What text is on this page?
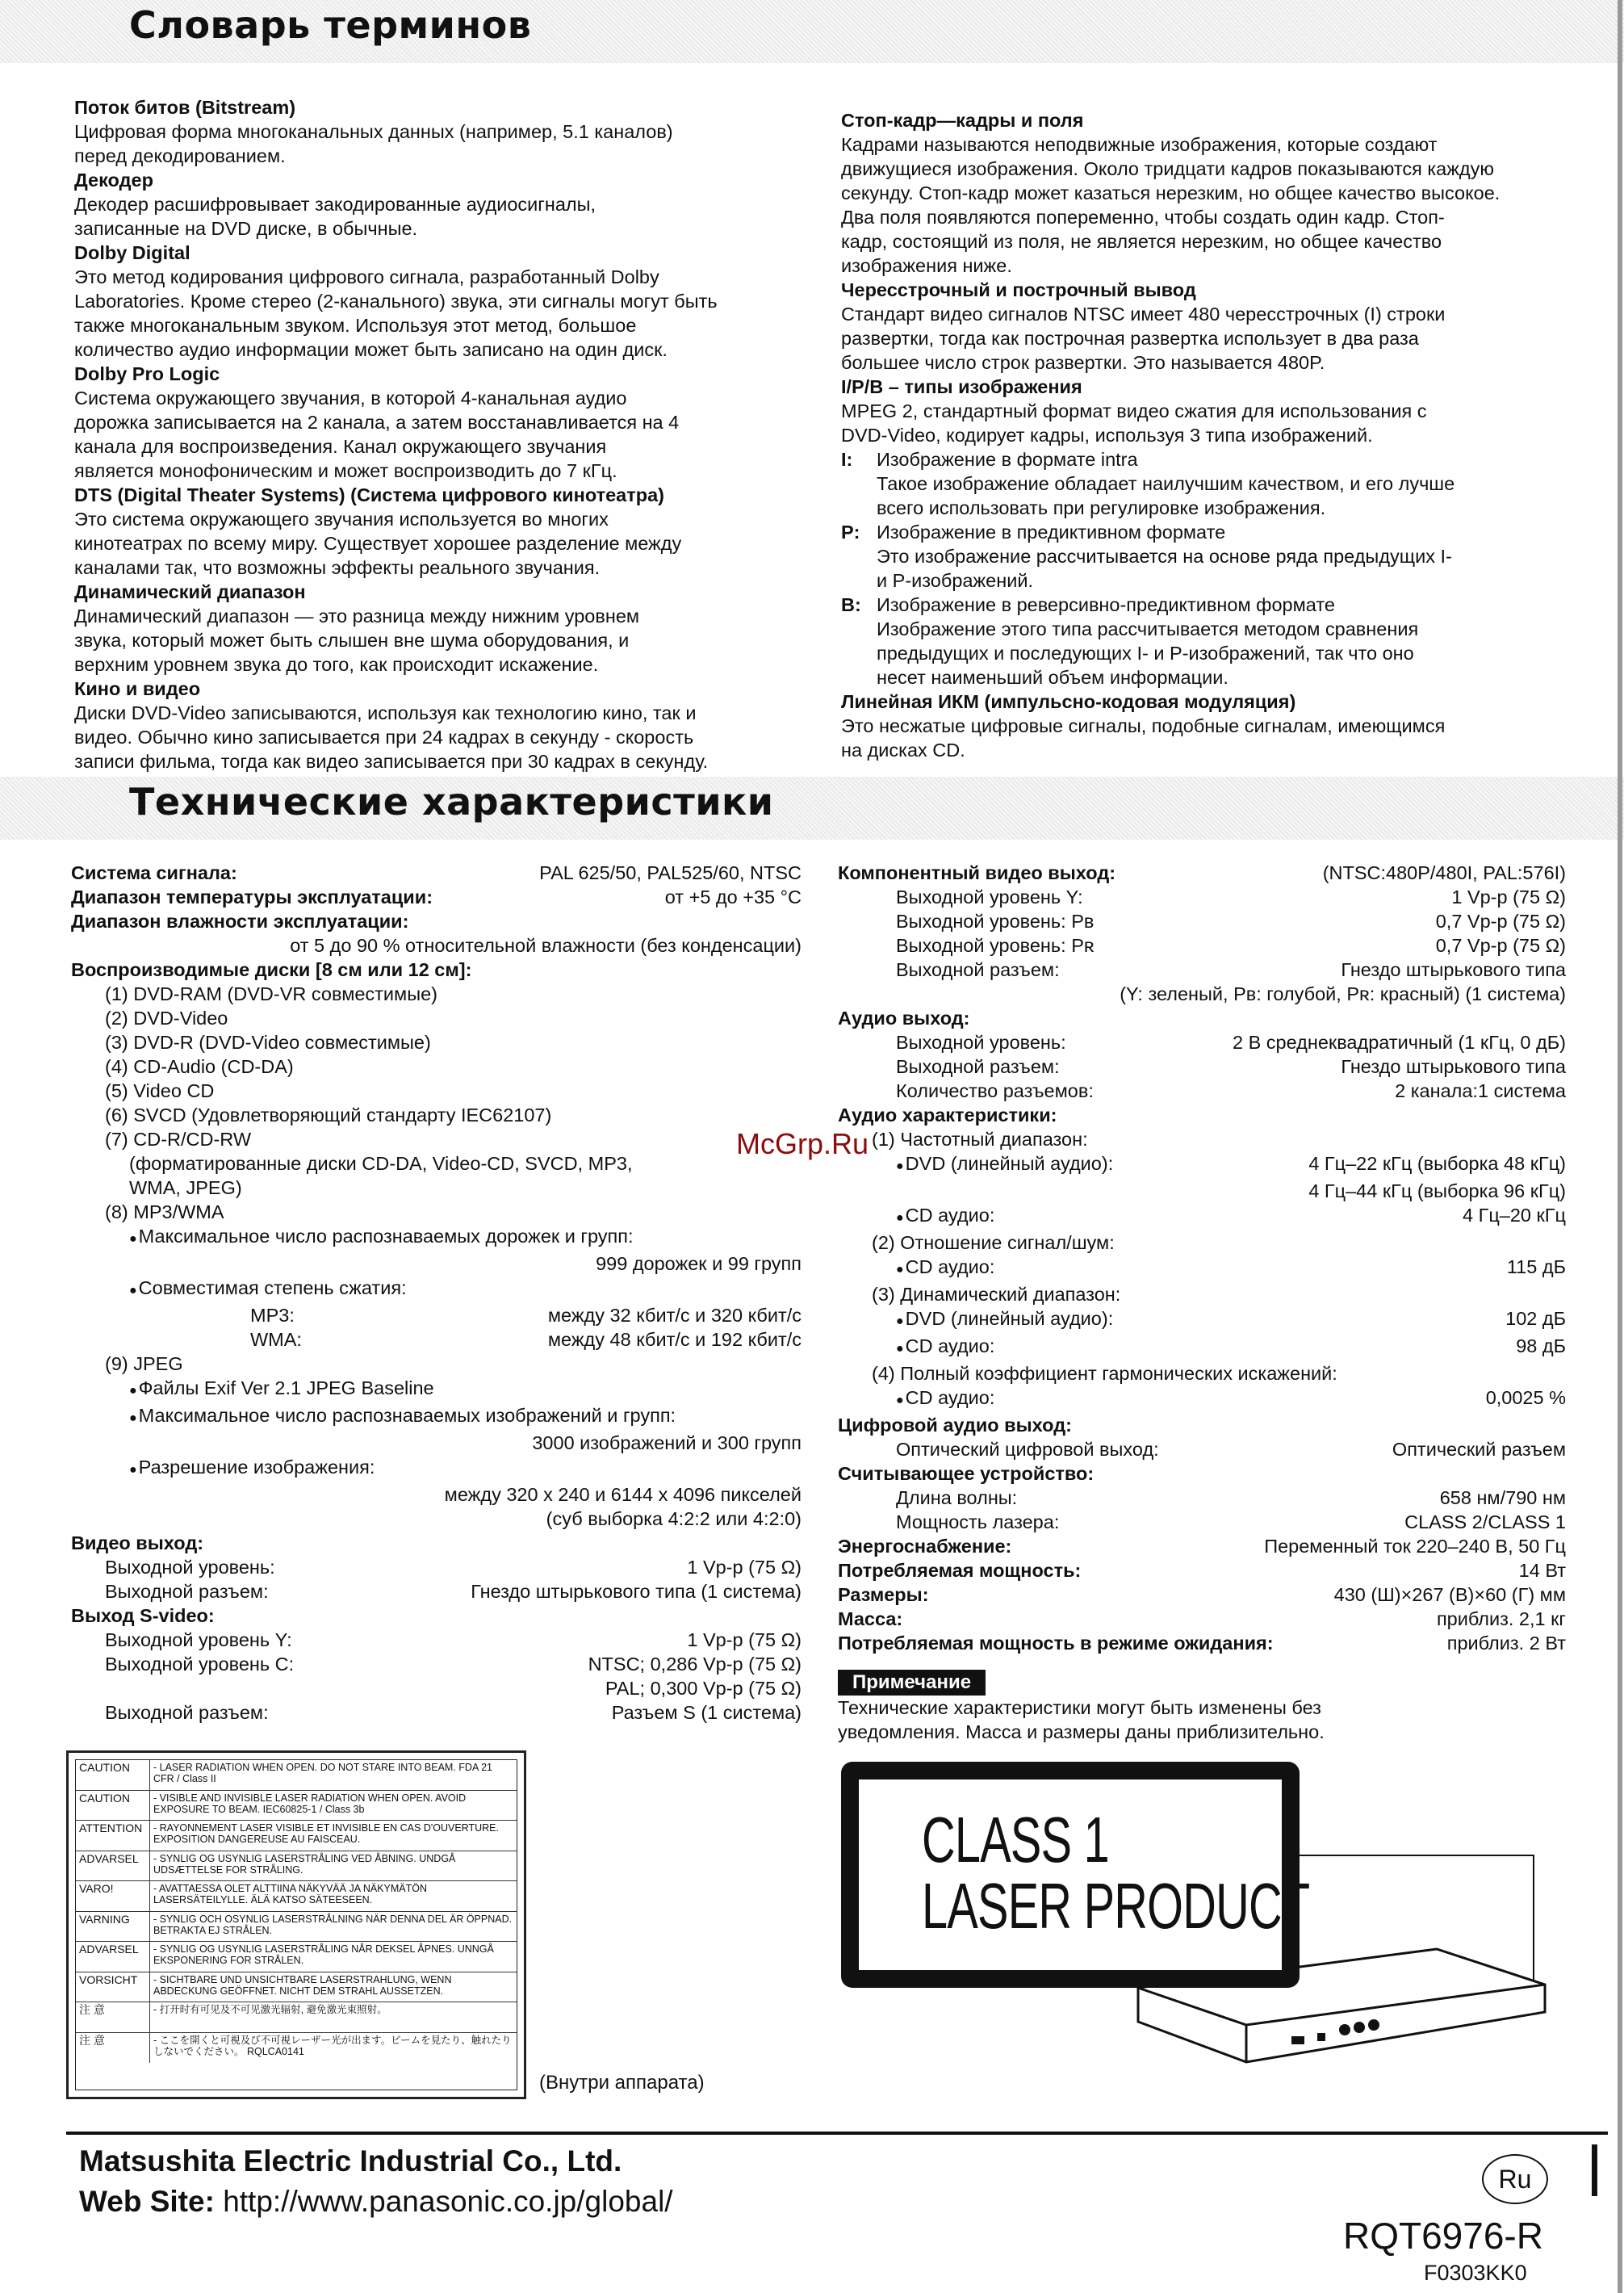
Словарь терминов

Поток битов (Bitstream)

Цифровая форма многоканальных данных (например, 5.1 каналов)

перед декодированием.

Декодер

Декодер расшифровывает закодированные аудиосигналы,

записанные на DVD диске, в обычные.

Dolby Digital

Это метод кодирования цифрового сигнала, разработанный Dolby

Laboratories. Кроме стерео (2-канального) звука, эти сигналы могут быть

также многоканальным звуком. Используя этот метод, большое

количество аудио информации может быть записано на один диск.

Dolby Pro Logic

Система окружающего звучания, в которой 4-канальная аудио

дорожка записывается на 2 канала, а затем восстанавливается на 4

канала для воспроизведения. Канал окружающего звучания

является монофоническим и может воспроизводить до 7 кГц.

DTS (Digital Theater Systems) (Система цифрового кинотеатра)

Это система окружающего звучания используется во многих

кинотеатрах по всему миру. Существует хорошее разделение между

каналами так, что возможны эффекты реального звучания.

Динамический диапазон

Динамический диапазон — это разница между нижним уровнем

звука, который может быть слышен вне шума оборудования, и

верхним уровнем звука до того, как происходит искажение.

Кино и видео

Диски DVD-Video записываются, используя как технологию кино, так и

видео. Обычно кино записывается при 24 кадрах в секунду - скорость

записи фильма, тогда как видео записывается при 30 кадрах в секунду.

Стоп-кадр—кадры и поля

Кадрами называются неподвижные изображения, которые создают

движущиеся изображения. Около тридцати кадров показываются каждую

секунду. Стоп-кадр может казаться нерезким, но общее качество высокое.

Два поля появляются попеременно, чтобы создать один кадр. Стоп-

кадр, состоящий из поля, не является нерезким, но общее качество

изображения ниже.

Чересстрочный и построчный вывод

Стандарт видео сигналов NTSC имеет 480 чересстрочных (I) строки

развертки, тогда как построчная развертка использует в два раза

большее число строк развертки. Это называется 480P.

I/P/B – типы изображения

MPEG 2, стандартный формат видео сжатия для использования с

DVD-Video, кодирует кадры, используя 3 типа изображений.

I:	Изображение в формате intra

Такое изображение обладает наилучшим качеством, и его лучше

всего использовать при регулировке изображения.

P: Изображение в предиктивном формате

Это изображение рассчитывается на основе ряда предыдущих I-

и P-изображений.

B: Изображение в реверсивно-предиктивном формате

Изображение этого типа рассчитывается методом сравнения

предыдущих и последующих I- и P-изображений, так что оно

несет наименьший объем информации.

Линейная ИКМ (импульсно-кодовая модуляция)

Это несжатые цифровые сигналы, подобные сигналам, имеющимся

на дисках CD.

Технические характеристики
Система сигнала:	PAL 625/50, PAL525/60, NTSC
Диапазон температуры эксплуатации:	от +5 до +35 °C

Диапазон влажности эксплуатации:

от 5 до 90 % относительной влажности (без конденсации)

Воспроизводимые диски [8 см или 12 см]:

(1) DVD-RAM (DVD-VR совместимые)

(2) DVD-Video

(3) DVD-R (DVD-Video совместимые)

(4) CD-Audio (CD-DA)

(5) Video CD

(6) SVCD (Удовлетворяющий стандарту IEC62107)

(7) CD-R/CD-RW

(форматированные диски CD-DA, Video-CD, SVCD, MP3,

WMA, JPEG)

(8) MP3/WMA

● Максимальное число распознаваемых дорожек и групп:

999 дорожек и 99 групп

● Совместимая степень сжатия:

MP3:	между 32 кбит/с и 320 кбит/с
WMA:	между 48 кбит/с и 192 кбит/с

(9) JPEG

● Файлы Exif Ver 2.1 JPEG Baseline

● Максимальное число распознаваемых изображений и групп:

3000 изображений и 300 групп

● Разрешение изображения:

между 320 x 240 и 6144 x 4096 пикселей

(суб выборка 4:2:2 или 4:2:0)

Видео выход:

Выходной уровень:	1 Vp-p (75 Ω)
Выходной разъем:	Гнездо штырькового типа (1 система)

Выход S-video:

Выходной уровень Y:	1 Vp-p (75 Ω)
Выходной уровень C:	NTSC; 0,286 Vp-p (75 Ω)

PAL; 0,300 Vp-p (75 Ω)

Выходной разъем:	Разъем S (1 система)
Компонентный видео выход:	(NTSC:480P/480I, PAL:576I)
Выходной уровень Y:	1 Vp-p (75 Ω)
Выходной уровень: Pв	0,7 Vp-p (75 Ω)
Выходной уровень: Pʀ	0,7 Vp-p (75 Ω)
Выходной разъем:	Гнездо штырькового типа

(Y: зеленый, Pв: голубой, Pʀ: красный) (1 система)

Аудио выход:

Выходной уровень:	2 В среднеквадратичный (1 кГц, 0 дБ)
Выходной разъем:	Гнездо штырькового типа
Количество разъемов:	2 канала:1 система

Аудио характеристики:

(1) Частотный диапазон:

● DVD (линейный аудио):	4 Гц–22 кГц (выборка 48 кГц)

4 Гц–44 кГц (выборка 96 кГц)

● CD аудио:	4 Гц–20 кГц

(2) Отношение сигнал/шум:

● CD аудио:	115 дБ

(3) Динамический диапазон:

● DVD (линейный аудио):	102 дБ
● CD аудио:	98 дБ

(4) Полный коэффициент гармонических искажений:

● CD аудио:	0,0025 %

Цифровой аудио выход:

Оптический цифровой выход:	Оптический разъем

Считывающее устройство:

Длина волны:	658 нм/790 нм
Мощность лазера:	CLASS 2/CLASS 1
Энергоснабжение:	Переменный ток 220–240 В, 50 Гц
Потребляемая мощность:	14 Вт
Размеры:	430 (Ш)×267 (В)×60 (Г) мм
Масса:	приблиз. 2,1 кг
Потребляемая мощность в режиме ожидания:	приблиз. 2 Вт
Примечание

Технические характеристики могут быть изменены без

уведомления. Масса и размеры даны приблизительно.

McGrp.Ru
CAUTION	- LASER RADIATION WHEN OPEN. DO NOT STARE INTO BEAM. FDA 21 CFR / Class II
CAUTION	- VISIBLE AND INVISIBLE LASER RADIATION WHEN OPEN. AVOID EXPOSURE TO BEAM. IEC60825-1 / Class 3b
ATTENTION	- RAYONNEMENT LASER VISIBLE ET INVISIBLE EN CAS D'OUVERTURE. EXPOSITION DANGEREUSE AU FAISCEAU.
ADVARSEL	- SYNLIG OG USYNLIG LASERSTRÅLING VED ÅBNING. UNDGÅ UDSÆTTELSE FOR STRÅLING.
VARO!	- AVATTAESSA OLET ALTTIINA NÄKYVÄÄ JA NÄKYMÄTÖN LASERSÄTEILYLLE. ÄLÄ KATSO SÄTEESEEN.
VARNING	- SYNLIG OCH OSYNLIG LASERSTRÅLNING NÄR DENNA DEL ÄR ÖPPNAD. BETRAKTA EJ STRÅLEN.
ADVARSEL	- SYNLIG OG USYNLIG LASERSTRÅLING NÅR DEKSEL ÅPNES. UNNGÅ EKSPONERING FOR STRÅLEN.
VORSICHT	- SICHTBARE UND UNSICHTBARE LASERSTRAHLUNG, WENN ABDECKUNG GEÖFFNET. NICHT DEM STRAHL AUSSETZEN.
注 意	- 打开时有可见及不可见激光辐射, 避免激光束照射。
注 意	- ここを開くと可視及び不可視レーザー光が出ます。ビームを見たり、触れたりしないでください。 RQLCA0141
(Внутри аппарата)
CLASS 1
LASER PRODUCT
Matsushita Electric Industrial Co., Ltd.
Web Site: http://www.panasonic.co.jp/global/
Ru
RQT6976-R
F0303KK0
